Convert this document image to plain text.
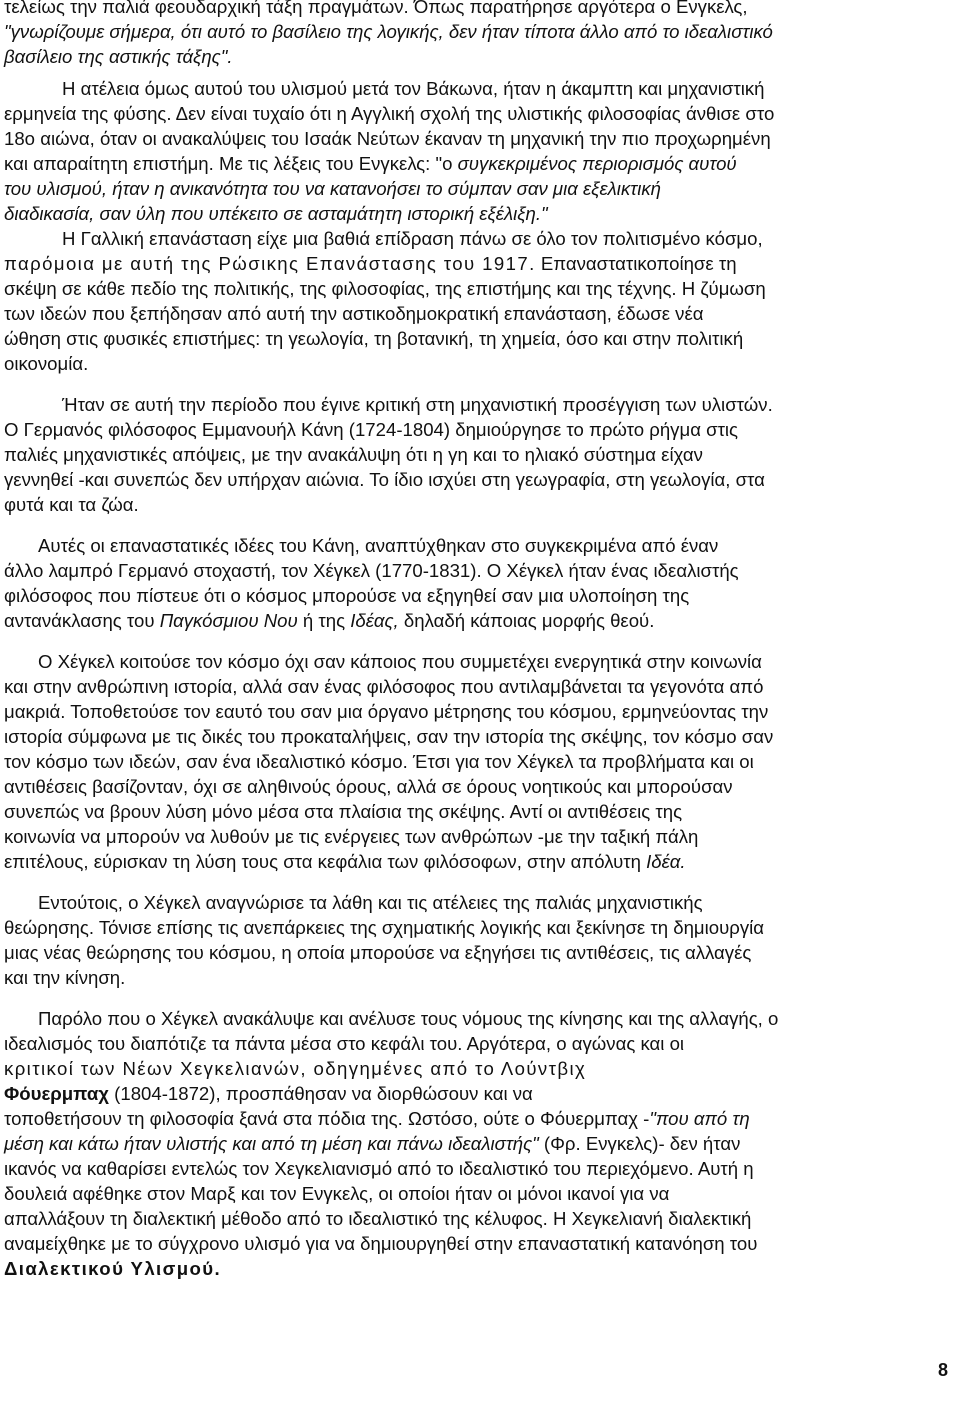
τελείως την παλιά φεουδαρχική τάξη πραγμάτων. Όπως παρατήρησε αργότερα ο Ενγκελς,
"γνωρίζουμε σήμερα, ότι αυτό το βασίλειο της λογικής, δεν ήταν τίποτα άλλο από το ιδεαλιστικό
βασίλειο της αστικής τάξης".

Η ατέλεια όμως αυτού του υλισμού μετά τον Βάκωνα, ήταν η άκαμπτη και μηχανιστική
ερμηνεία της φύσης. Δεν είναι τυχαίο ότι η Αγγλική σχολή της υλιστικής φιλοσοφίας άνθισε στο
18ο αιώνα, όταν οι ανακαλύψεις του Ισαάκ Νεύτων έκαναν τη μηχανική την πιο προχωρημένη
και απαραίτητη επιστήμη. Με τις λέξεις του Ενγκελς: "ο συγκεκριμένος περιορισμός αυτού
του υλισμού, ήταν η ανικανότητα του να κατανοήσει το σύμπαν σαν μια εξελικτική
διαδικασία, σαν ύλη που υπέκειτο σε ασταμάτητη ιστορική εξέλιξη."

Η Γαλλική επανάσταση είχε μια βαθιά επίδραση πάνω σε όλο τον πολιτισμένο κόσμο,
παρόμοια με αυτή της Ρώσικης Επανάστασης του 1917. Επαναστατικοποίησε τη
σκέψη σε κάθε πεδίο της πολιτικής, της φιλοσοφίας, της επιστήμης και της τέχνης. Η ζύμωση
των ιδεών που ξεπήδησαν από αυτή την αστικοδημοκρατική επανάσταση, έδωσε νέα
ώθηση στις φυσικές επιστήμες: τη γεωλογία, τη βοτανική, τη χημεία, όσο και στην πολιτική
οικονομία.

Ήταν σε αυτή την περίοδο που έγινε κριτική στη μηχανιστική προσέγγιση των υλιστών.
Ο Γερμανός φιλόσοφος Εμμανουήλ Κάνη (1724-1804) δημιούργησε το πρώτο ρήγμα στις
παλιές μηχανιστικές απόψεις, με την ανακάλυψη ότι η γη και το ηλιακό σύστημα είχαν
γεννηθεί -και συνεπώς δεν υπήρχαν αιώνια. Το ίδιο ισχύει στη γεωγραφία, στη γεωλογία, στα
φυτά και τα ζώα.

Αυτές οι επαναστατικές ιδέες του Κάνη, αναπτύχθηκαν στο συγκεκριμένα από έναν
άλλο λαμπρό Γερμανό στοχαστή, τον Χέγκελ (1770-1831). Ο Χέγκελ ήταν ένας ιδεαλιστής
φιλόσοφος που πίστευε ότι ο κόσμος μπορούσε να εξηγηθεί σαν μια υλοποίηση της
αντανάκλασης του Παγκόσμιου Νου ή της Ιδέας, δηλαδή κάποιας μορφής θεού.

Ο Χέγκελ κοιτούσε τον κόσμο όχι σαν κάποιος που συμμετέχει ενεργητικά στην κοινωνία
και στην ανθρώπινη ιστορία, αλλά σαν ένας φιλόσοφος που αντιλαμβάνεται τα γεγονότα από
μακριά. Τοποθετούσε τον εαυτό του σαν μια όργανο μέτρησης του κόσμου, ερμηνεύοντας την
ιστορία σύμφωνα με τις δικές του προκαταλήψεις, σαν την ιστορία της σκέψης, τον κόσμο σαν
τον κόσμο των ιδεών, σαν ένα ιδεαλιστικό κόσμο. Έτσι για τον Χέγκελ τα προβλήματα και οι
αντιθέσεις βασίζονταν, όχι σε αληθινούς όρους, αλλά σε όρους νοητικούς και μπορούσαν
συνεπώς να βρουν λύση μόνο μέσα στα πλαίσια της σκέψης. Αντί οι αντιθέσεις της
κοινωνία να μπορούν να λυθούν με τις ενέργειες των ανθρώπων -με την ταξική πάλη
επιτέλους, εύρισκαν τη λύση τους στα κεφάλια των φιλόσοφων, στην απόλυτη Ιδέα.

Εντούτοις, ο Χέγκελ αναγνώρισε τα λάθη και τις ατέλειες της παλιάς μηχανιστικής
θεώρησης. Τόνισε επίσης τις ανεπάρκειες της σχηματικής λογικής και ξεκίνησε τη δημιουργία
μιας νέας θεώρησης του κόσμου, η οποία μπορούσε να εξηγήσει τις αντιθέσεις, τις αλλαγές
και την κίνηση.

Παρόλο που ο Χέγκελ ανακάλυψε και ανέλυσε τους νόμους της κίνησης και της αλλαγής, ο
ιδεαλισμός του διαπότιζε τα πάντα μέσα στο κεφάλι του. Αργότερα, ο αγώνας και οι
κριτικοί των Νέων Χεγκελιανών, οδηγημένες από το Λούντβιχ
Φόυερμπαχ (1804-1872), προσπάθησαν να διορθώσουν και να
τοποθετήσουν τη φιλοσοφία ξανά στα πόδια της. Ωστόσο, ούτε ο Φόυερμπαχ -"που από τη
μέση και κάτω ήταν υλιστής και από τη μέση και πάνω ιδεαλιστής" (Φρ. Ενγκελς)- δεν ήταν
ικανός να καθαρίσει εντελώς τον Χεγκελιανισμό από το ιδεαλιστικό του περιεχόμενο. Αυτή η
δουλειά αφέθηκε στον Μαρξ και τον Ενγκελς, οι οποίοι ήταν οι μόνοι ικανοί για να
απαλλάξουν τη διαλεκτική μέθοδο από το ιδεαλιστικό της κέλυφος. Η Χεγκελιανή διαλεκτική
αναμείχθηκε με το σύγχρονο υλισμό για να δημιουργηθεί στην επαναστατική κατανόηση του
Διαλεκτικού Υλισμού.

8
